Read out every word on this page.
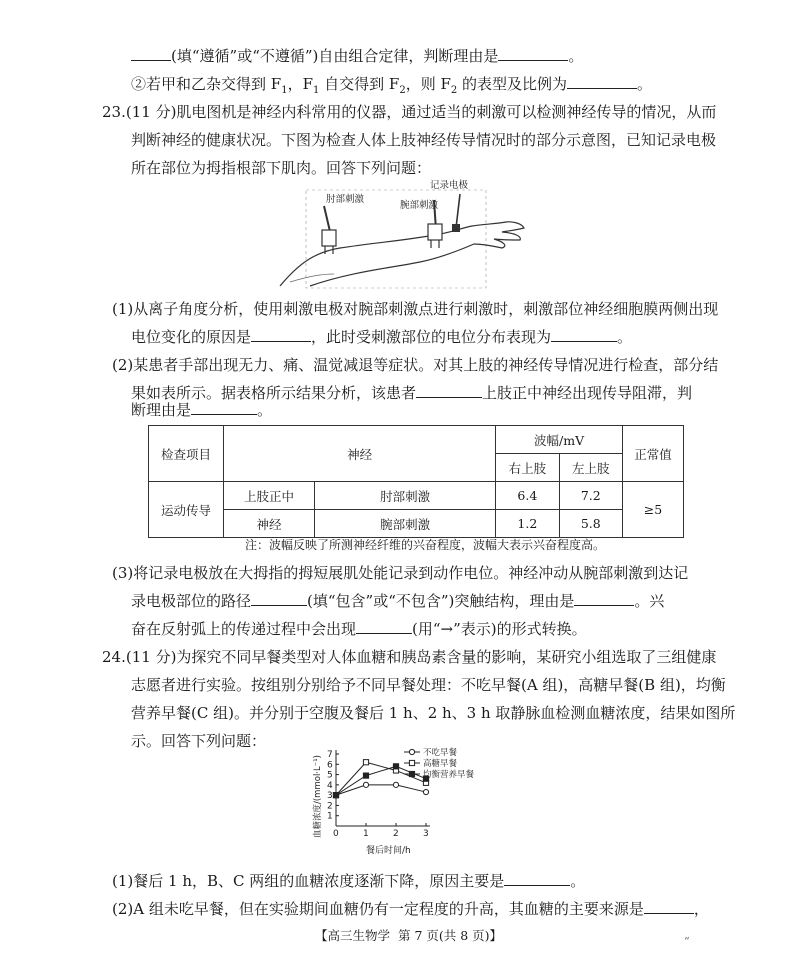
(填“遵循”或“不遵循”)自由组合定律，判断理由是	。
②若甲和乙杂交得到 $F_1$，$F_1$ 自交得到 $F_2$，则 $F_2$ 的表型及比例为	。
23.(11 分)肌电图机是神经内科常用的仪器，通过适当的刺激可以检测神经传导的情况，从而
判断神经的健康状况。下图为检查人体上肢神经传导情况时的部分示意图，已知记录电极
所在部位为拇指根部下肌肉。回答下列问题：
肘部刺激
腕部刺激
记录电极
(1)从离子角度分析，使用刺激电极对腕部刺激点进行刺激时，刺激部位神经细胞膜两侧出现
电位变化的原因是	，此时受刺激部位的电位分布表现为	。
(2)某患者手部出现无力、痛、温觉减退等症状。对其上肢的神经传导情况进行检查，部分结
果如表所示。据表格所示结果分析，该患者	上肢正中神经出现传导阻滞，判
断理由是	。
检查项目	神经		波幅/mV		正常值
			右上肢	左上肢	
运动传导	上肢正中	肘部刺激	6.4	7.2	≥5
	神经	腕部刺激	1.2	5.8	
注：波幅反映了所测神经纤维的兴奋程度，波幅大表示兴奋程度高。
(3)将记录电极放在大拇指的拇短展肌处能记录到动作电位。神经冲动从腕部刺激到达记
录电极部位的路径	(填“包含”或“不包含”)突触结构，理由是	。兴
奋在反射弧上的传递过程中会出现	(用“→”表示)的形式转换。
24.(11 分)为探究不同早餐类型对人体血糖和胰岛素含量的影响，某研究小组选取了三组健康
志愿者进行实验。按组别分别给予不同早餐处理：不吃早餐(A 组)，高糖早餐(B 组)，均衡
营养早餐(C 组)。并分别于空腹及餐后 1 h、2 h、3 h 取静脉血检测血糖浓度，结果如图所
示。回答下列问题：
0	1	2	3
1
2
3
4
5
6
7	不吃早餐
高糖早餐
均衡营养早餐
餐后时间/h
血糖浓度/(mmol·L⁻¹)
(1)餐后 1 h，B、C 两组的血糖浓度逐渐下降，原因主要是	。
(2)A 组未吃早餐，但在实验期间血糖仍有一定程度的升高，其血糖的主要来源是	，
【高三生物学 第 7 页(共 8 页)】	“
